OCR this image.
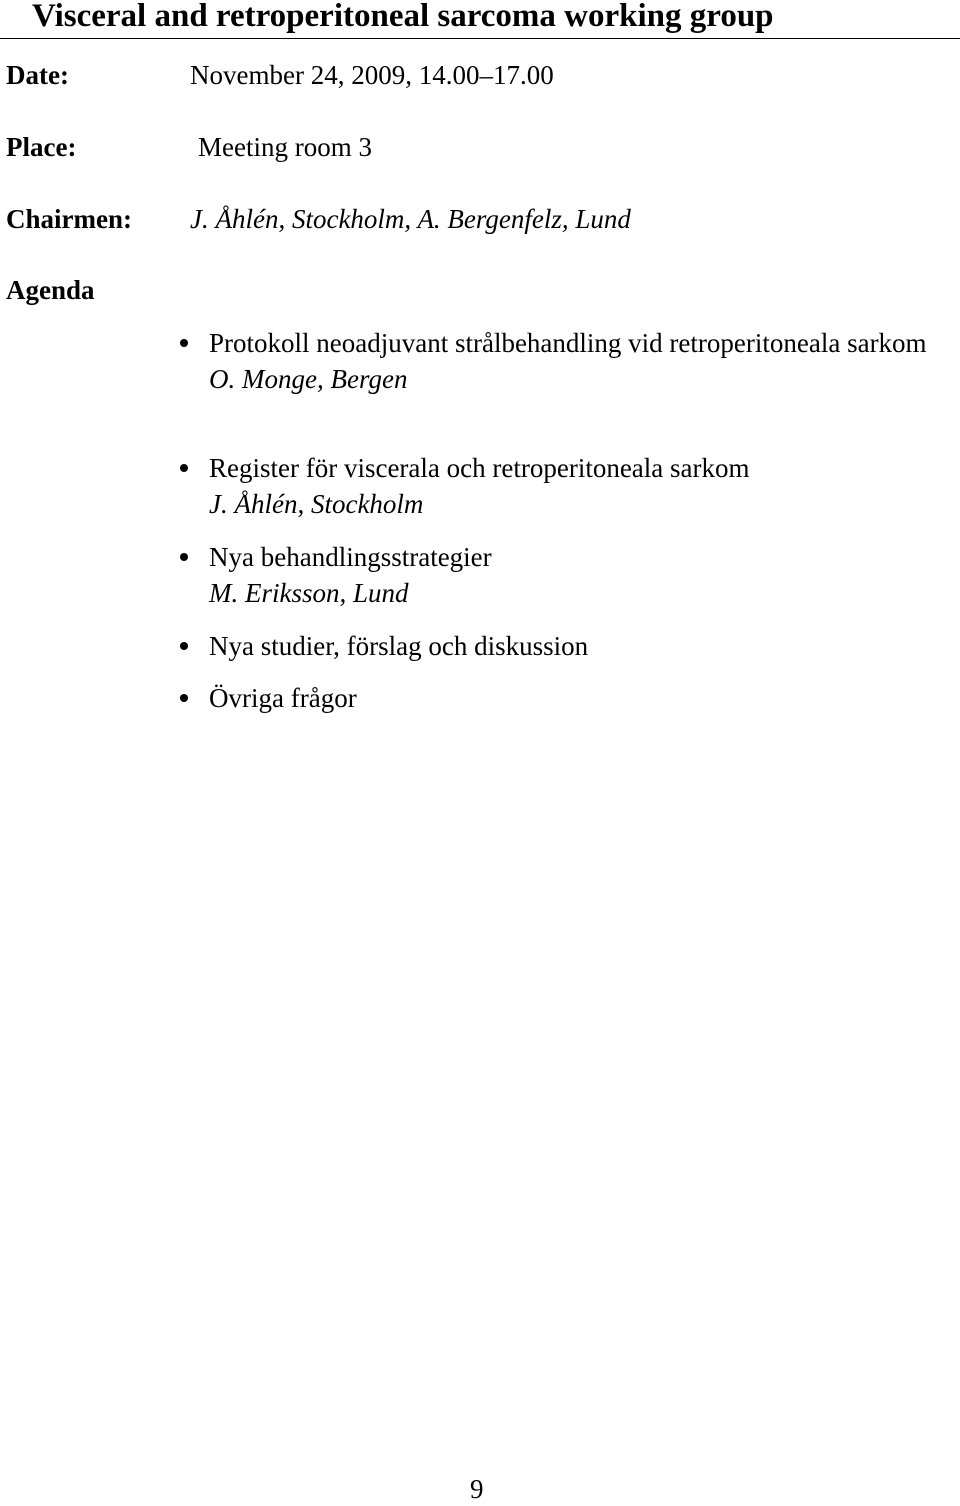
Visceral and retroperitoneal sarcoma working group
Date:	November 24, 2009, 14.00–17.00
Place:	Meeting room 3
Chairmen: J. Åhlén, Stockholm, A. Bergenfelz, Lund
Agenda
Protokoll neoadjuvant strålbehandling vid retroperitoneala sarkom
O. Monge, Bergen
Register för viscerala och retroperitoneala sarkom
J. Åhlén, Stockholm
Nya behandlingsstrategier
M. Eriksson, Lund
Nya studier, förslag och diskussion
Övriga frågor
9
